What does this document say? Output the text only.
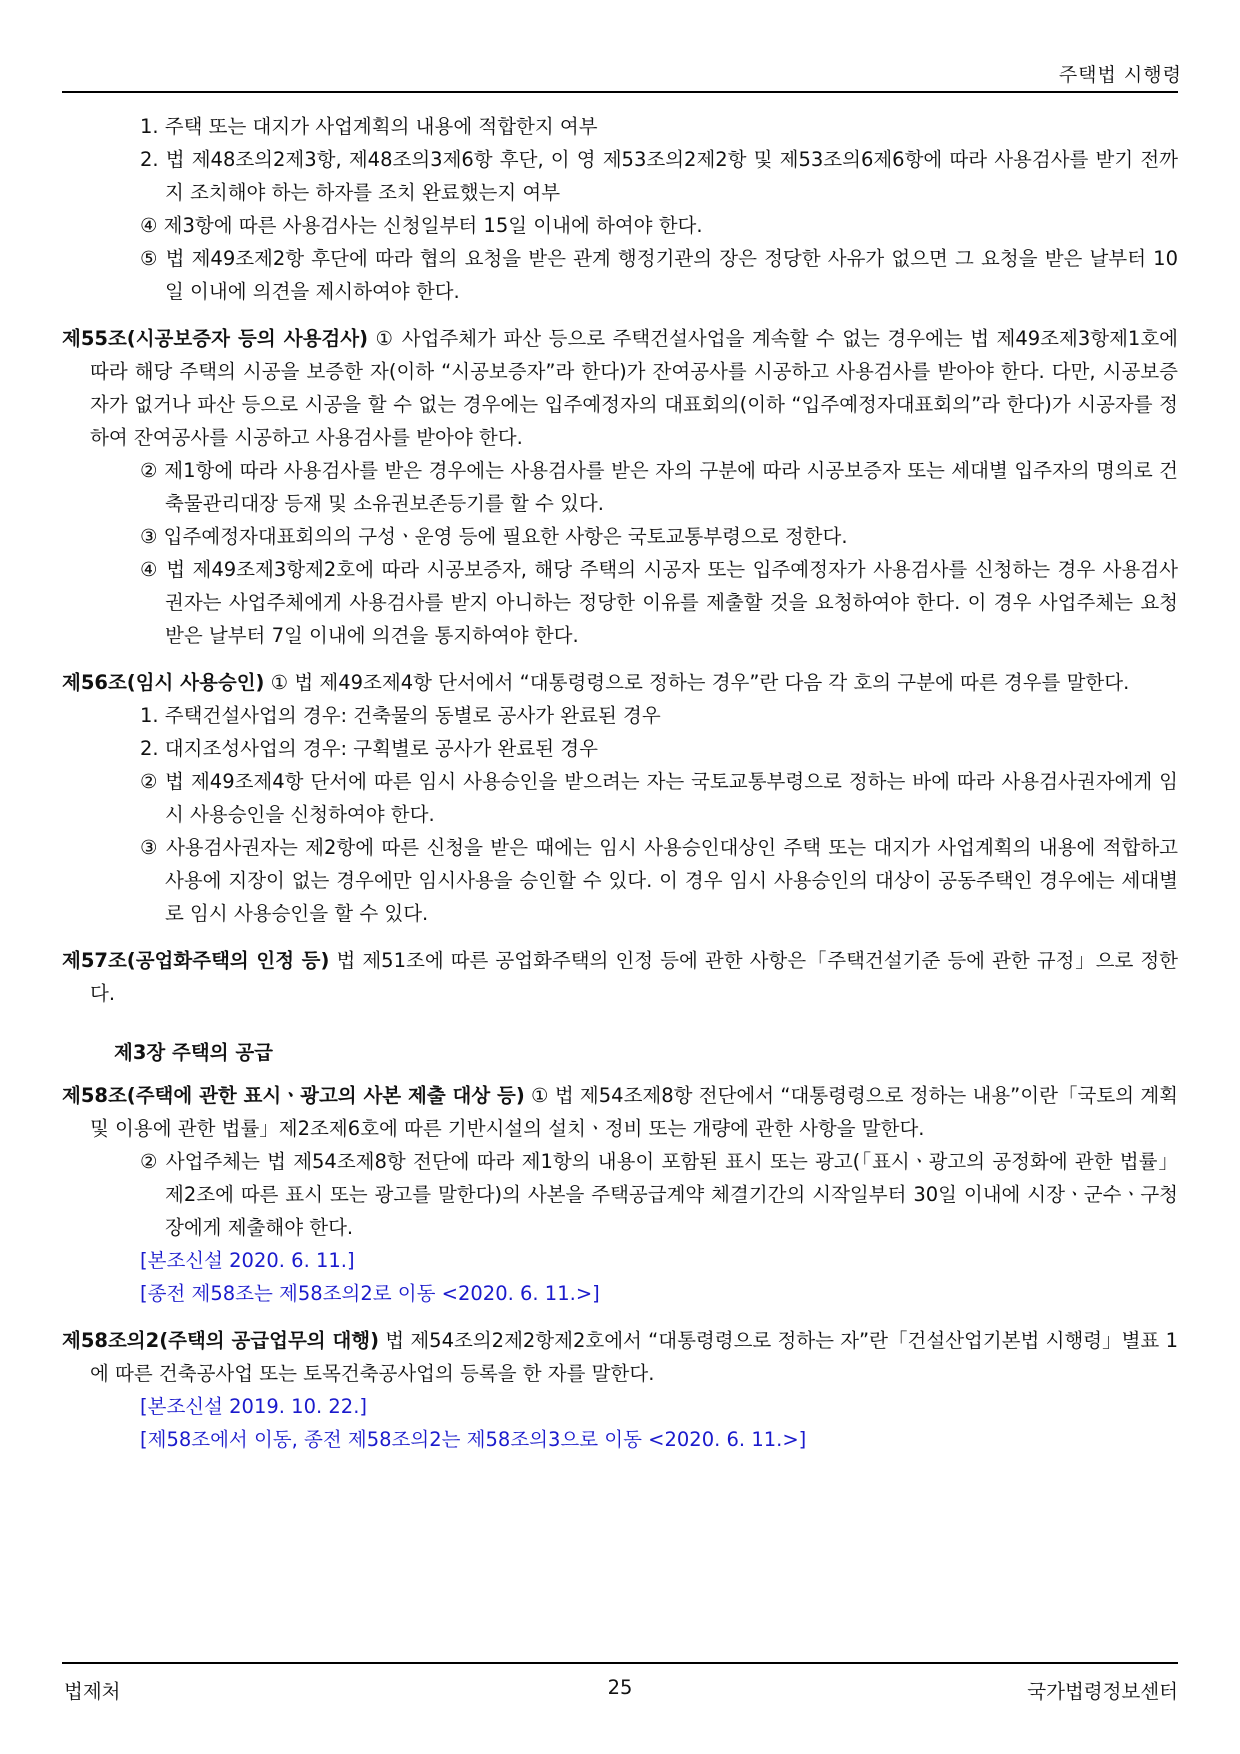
주택법 시행령
1. 주택 또는 대지가 사업계획의 내용에 적합한지 여부
2. 법 제48조의2제3항, 제48조의3제6항 후단, 이 영 제53조의2제2항 및 제53조의6제6항에 따라 사용검사를 받기 전까지 조치해야 하는 하자를 조치 완료했는지 여부
④ 제3항에 따른 사용검사는 신청일부터 15일 이내에 하여야 한다.
⑤ 법 제49조제2항 후단에 따라 협의 요청을 받은 관계 행정기관의 장은 정당한 사유가 없으면 그 요청을 받은 날부터 10일 이내에 의견을 제시하여야 한다.
제55조(시공보증자 등의 사용검사) ① 사업주체가 파산 등으로 주택건설사업을 계속할 수 없는 경우에는 법 제49조제3항제1호에 따라 해당 주택의 시공을 보증한 자(이하 “시공보증자”라 한다)가 잔여공사를 시공하고 사용검사를 받아야 한다. 다만, 시공보증자가 없거나 파산 등으로 시공을 할 수 없는 경우에는 입주예정자의 대표회의(이하 “입주예정자대표회의”라 한다)가 시공자를 정하여 잔여공사를 시공하고 사용검사를 받아야 한다.
② 제1항에 따라 사용검사를 받은 경우에는 사용검사를 받은 자의 구분에 따라 시공보증자 또는 세대별 입주자의 명의로 건축물관리대장 등재 및 소유권보존등기를 할 수 있다.
③ 입주예정자대표회의의 구성ㆍ운영 등에 필요한 사항은 국토교통부령으로 정한다.
④ 법 제49조제3항제2호에 따라 시공보증자, 해당 주택의 시공자 또는 입주예정자가 사용검사를 신청하는 경우 사용검사권자는 사업주체에게 사용검사를 받지 아니하는 정당한 이유를 제출할 것을 요청하여야 한다. 이 경우 사업주체는 요청받은 날부터 7일 이내에 의견을 통지하여야 한다.
제56조(임시 사용승인) ① 법 제49조제4항 단서에서 “대통령령으로 정하는 경우”란 다음 각 호의 구분에 따른 경우를 말한다.
1. 주택건설사업의 경우: 건축물의 동별로 공사가 완료된 경우
2. 대지조성사업의 경우: 구획별로 공사가 완료된 경우
② 법 제49조제4항 단서에 따른 임시 사용승인을 받으려는 자는 국토교통부령으로 정하는 바에 따라 사용검사권자에게 임시 사용승인을 신청하여야 한다.
③ 사용검사권자는 제2항에 따른 신청을 받은 때에는 임시 사용승인대상인 주택 또는 대지가 사업계획의 내용에 적합하고 사용에 지장이 없는 경우에만 임시사용을 승인할 수 있다. 이 경우 임시 사용승인의 대상이 공동주택인 경우에는 세대별로 임시 사용승인을 할 수 있다.
제57조(공업화주택의 인정 등) 법 제51조에 따른 공업화주택의 인정 등에 관한 사항은「주택건설기준 등에 관한 규정」으로 정한다.
제3장 주택의 공급
제58조(주택에 관한 표시ㆍ광고의 사본 제출 대상 등) ① 법 제54조제8항 전단에서 “대통령령으로 정하는 내용”이란「국토의 계획 및 이용에 관한 법률」제2조제6호에 따른 기반시설의 설치ㆍ정비 또는 개량에 관한 사항을 말한다.
② 사업주체는 법 제54조제8항 전단에 따라 제1항의 내용이 포함된 표시 또는 광고(「표시ㆍ광고의 공정화에 관한 법률」제2조에 따른 표시 또는 광고를 말한다)의 사본을 주택공급계약 체결기간의 시작일부터 30일 이내에 시장ㆍ군수ㆍ구청장에게 제출해야 한다.
[본조신설 2020. 6. 11.]
[종전 제58조는 제58조의2로 이동 <2020. 6. 11.>]
제58조의2(주택의 공급업무의 대행) 법 제54조의2제2항제2호에서 “대통령령으로 정하는 자”란「건설산업기본법 시행령」별표 1에 따른 건축공사업 또는 토목건축공사업의 등록을 한 자를 말한다.
[본조신설 2019. 10. 22.]
[제58조에서 이동, 종전 제58조의2는 제58조의3으로 이동 <2020. 6. 11.>]
법제처	25	국가법령정보센터
